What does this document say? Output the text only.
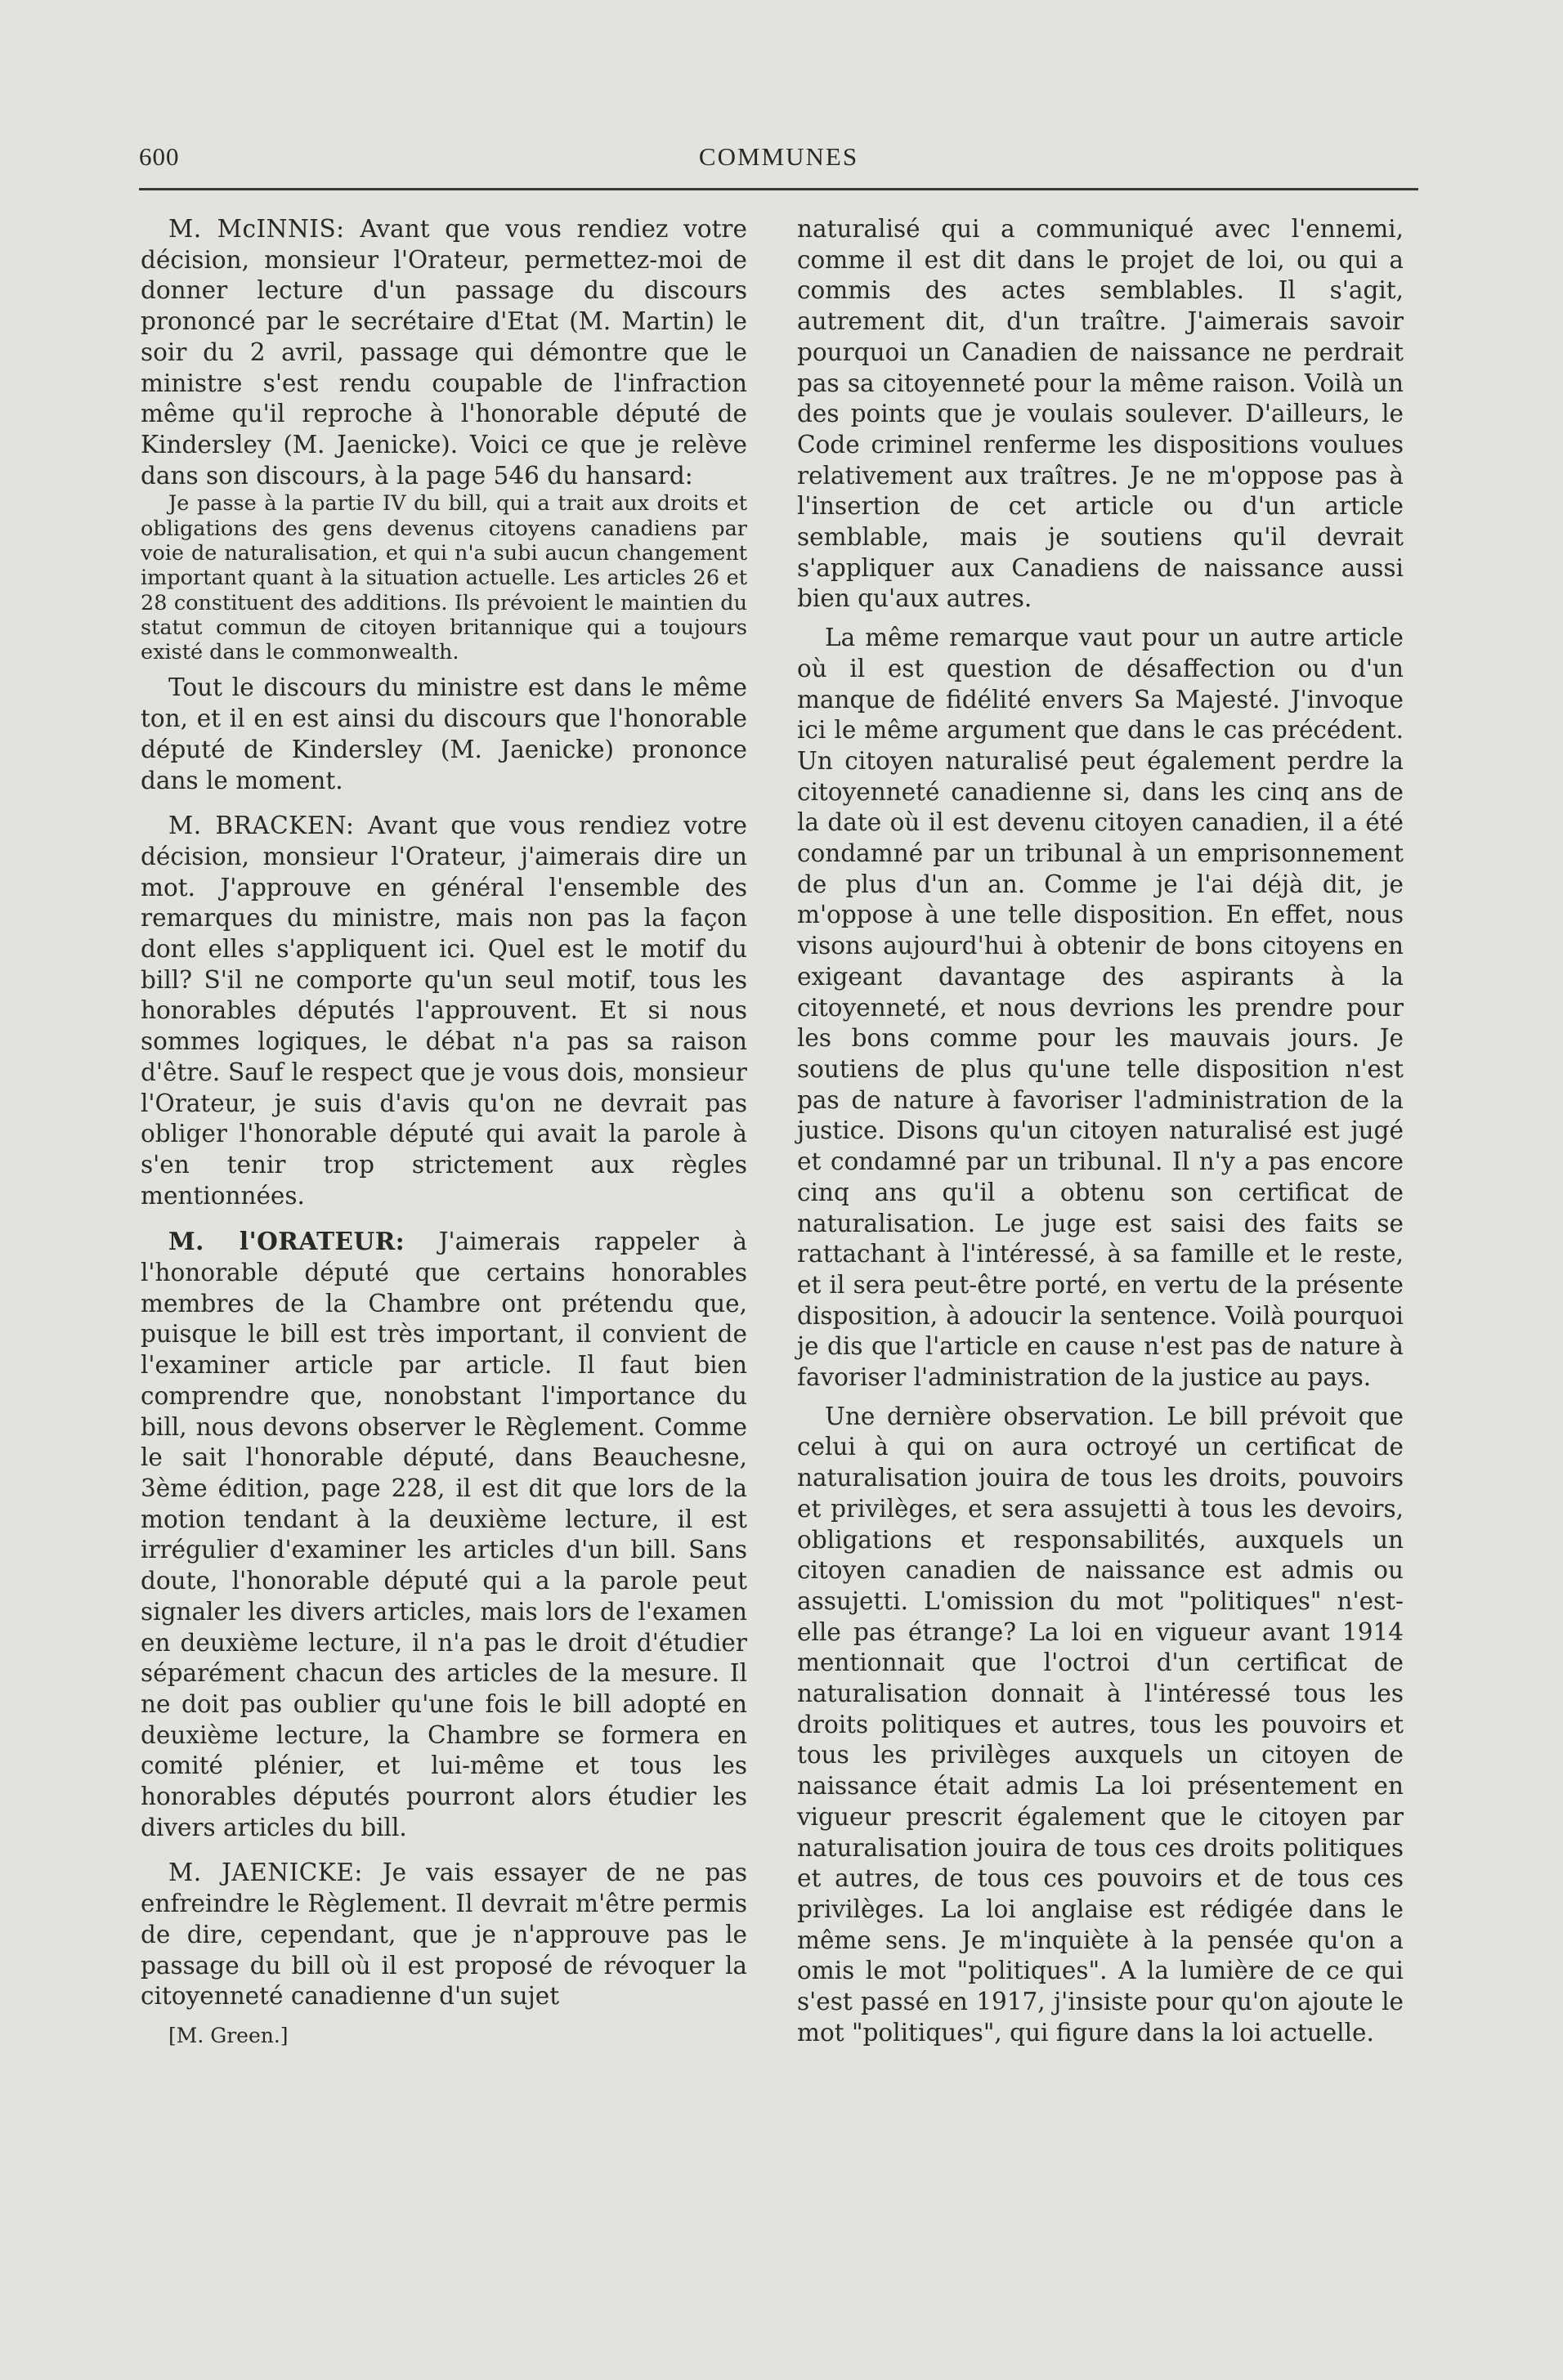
600	COMMUNES

M. McINNIS: Avant que vous rendiez votre décision, monsieur l'Orateur, permettez-moi de donner lecture d'un passage du discours prononcé par le secrétaire d'Etat (M. Martin) le soir du 2 avril, passage qui démontre que le ministre s'est rendu coupable de l'infraction même qu'il reproche à l'honorable député de Kindersley (M. Jaenicke). Voici ce que je relève dans son discours, à la page 546 du hansard:

Je passe à la partie IV du bill, qui a trait aux droits et obligations des gens devenus citoyens canadiens par voie de naturalisation, et qui n'a subi aucun changement important quant à la situation actuelle. Les articles 26 et 28 constituent des additions. Ils prévoient le maintien du statut commun de citoyen britannique qui a toujours existé dans le commonwealth.

Tout le discours du ministre est dans le même ton, et il en est ainsi du discours que l'honorable député de Kindersley (M. Jaenicke) prononce dans le moment.

M. BRACKEN: Avant que vous rendiez votre décision, monsieur l'Orateur, j'aimerais dire un mot. J'approuve en général l'ensemble des remarques du ministre, mais non pas la façon dont elles s'appliquent ici. Quel est le motif du bill? S'il ne comporte qu'un seul motif, tous les honorables députés l'approuvent. Et si nous sommes logiques, le débat n'a pas sa raison d'être. Sauf le respect que je vous dois, monsieur l'Orateur, je suis d'avis qu'on ne devrait pas obliger l'honorable député qui avait la parole à s'en tenir trop strictement aux règles mentionnées.

M. l'ORATEUR: J'aimerais rappeler à l'honorable député que certains honorables membres de la Chambre ont prétendu que, puisque le bill est très important, il convient de l'examiner article par article. Il faut bien comprendre que, nonobstant l'importance du bill, nous devons observer le Règlement. Comme le sait l'honorable député, dans Beauchesne, 3ème édition, page 228, il est dit que lors de la motion tendant à la deuxième lecture, il est irrégulier d'examiner les articles d'un bill. Sans doute, l'honorable député qui a la parole peut signaler les divers articles, mais lors de l'examen en deuxième lecture, il n'a pas le droit d'étudier séparément chacun des articles de la mesure. Il ne doit pas oublier qu'une fois le bill adopté en deuxième lecture, la Chambre se formera en comité plénier, et lui-même et tous les honorables députés pourront alors étudier les divers articles du bill.

M. JAENICKE: Je vais essayer de ne pas enfreindre le Règlement. Il devrait m'être permis de dire, cependant, que je n'approuve pas le passage du bill où il est proposé de révoquer la citoyenneté canadienne d'un sujet

[M. Green.]

naturalisé qui a communiqué avec l'ennemi, comme il est dit dans le projet de loi, ou qui a commis des actes semblables. Il s'agit, autrement dit, d'un traître. J'aimerais savoir pourquoi un Canadien de naissance ne perdrait pas sa citoyenneté pour la même raison. Voilà un des points que je voulais soulever. D'ailleurs, le Code criminel renferme les dispositions voulues relativement aux traîtres. Je ne m'oppose pas à l'insertion de cet article ou d'un article semblable, mais je soutiens qu'il devrait s'appliquer aux Canadiens de naissance aussi bien qu'aux autres.

La même remarque vaut pour un autre article où il est question de désaffection ou d'un manque de fidélité envers Sa Majesté. J'invoque ici le même argument que dans le cas précédent. Un citoyen naturalisé peut également perdre la citoyenneté canadienne si, dans les cinq ans de la date où il est devenu citoyen canadien, il a été condamné par un tribunal à un emprisonnement de plus d'un an. Comme je l'ai déjà dit, je m'oppose à une telle disposition. En effet, nous visons aujourd'hui à obtenir de bons citoyens en exigeant davantage des aspirants à la citoyenneté, et nous devrions les prendre pour les bons comme pour les mauvais jours. Je soutiens de plus qu'une telle disposition n'est pas de nature à favoriser l'administration de la justice. Disons qu'un citoyen naturalisé est jugé et condamné par un tribunal. Il n'y a pas encore cinq ans qu'il a obtenu son certificat de naturalisation. Le juge est saisi des faits se rattachant à l'intéressé, à sa famille et le reste, et il sera peut-être porté, en vertu de la présente disposition, à adoucir la sentence. Voilà pourquoi je dis que l'article en cause n'est pas de nature à favoriser l'administration de la justice au pays.

Une dernière observation. Le bill prévoit que celui à qui on aura octroyé un certificat de naturalisation jouira de tous les droits, pouvoirs et privilèges, et sera assujetti à tous les devoirs, obligations et responsabilités, auxquels un citoyen canadien de naissance est admis ou assujetti. L'omission du mot "politiques" n'est-elle pas étrange? La loi en vigueur avant 1914 mentionnait que l'octroi d'un certificat de naturalisation donnait à l'intéressé tous les droits politiques et autres, tous les pouvoirs et tous les privilèges auxquels un citoyen de naissance était admis La loi présentement en vigueur prescrit également que le citoyen par naturalisation jouira de tous ces droits politiques et autres, de tous ces pouvoirs et de tous ces privilèges. La loi anglaise est rédigée dans le même sens. Je m'inquiète à la pensée qu'on a omis le mot "politiques". A la lumière de ce qui s'est passé en 1917, j'insiste pour qu'on ajoute le mot "politiques", qui figure dans la loi actuelle.
